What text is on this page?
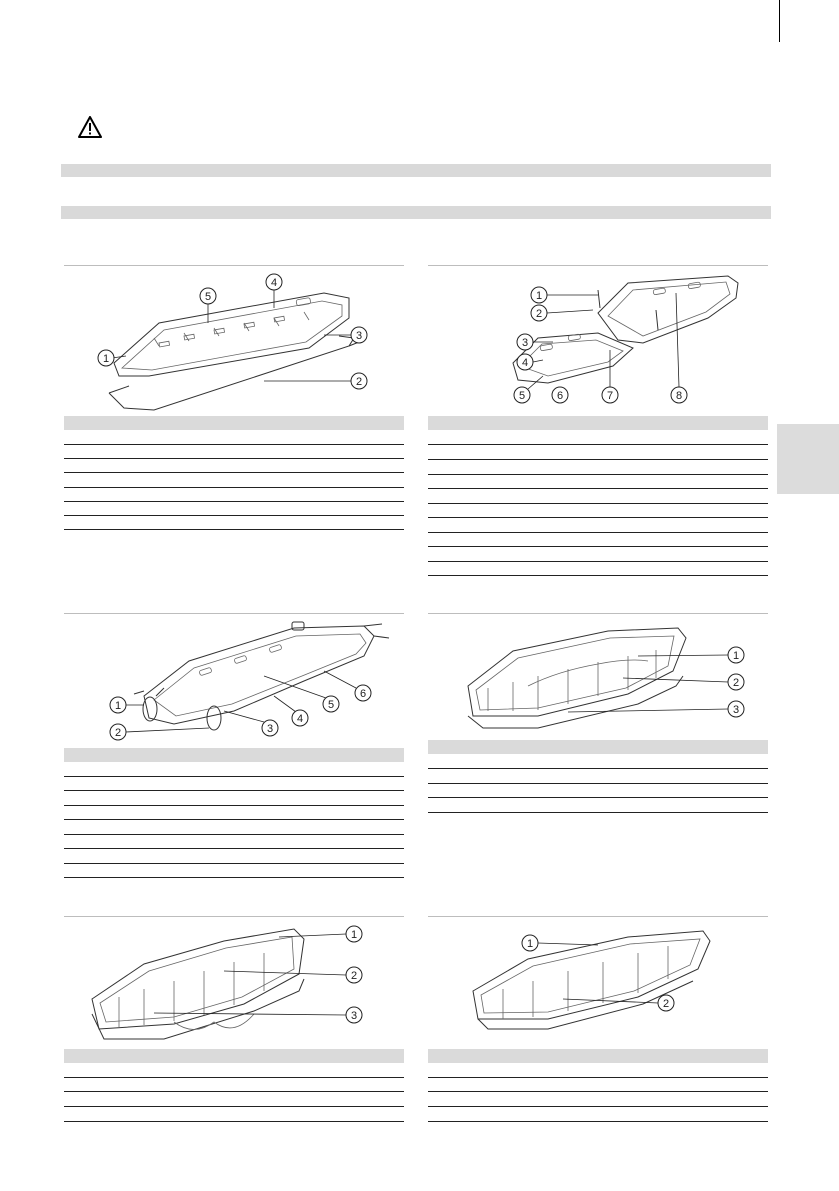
1
2
3
4
5	1
2
3
4
5	6	7	8
1
2	3
4
5
6
1
2
3
1
2
3
1
2
